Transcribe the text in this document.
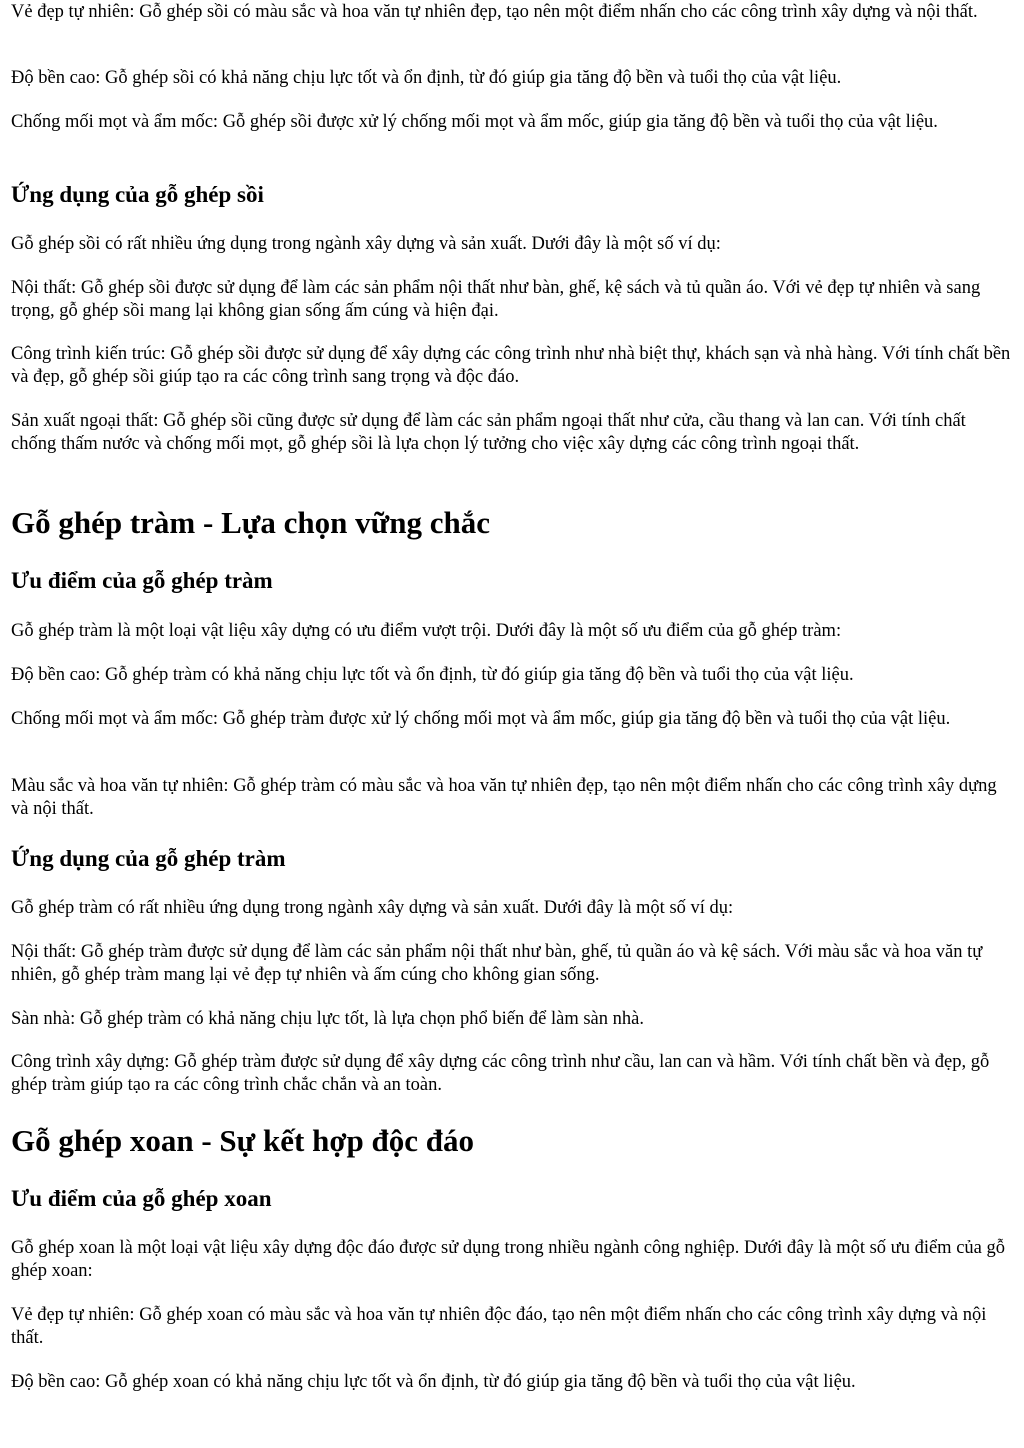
Vẻ đẹp tự nhiên: Gỗ ghép sồi có màu sắc và hoa văn tự nhiên đẹp, tạo nên một điểm nhấn cho các công trình xây dựng và nội thất.

Độ bền cao: Gỗ ghép sồi có khả năng chịu lực tốt và ổn định, từ đó giúp gia tăng độ bền và tuổi thọ của vật liệu.

Chống mối mọt và ẩm mốc: Gỗ ghép sồi được xử lý chống mối mọt và ẩm mốc, giúp gia tăng độ bền và tuổi thọ của vật liệu.

Ứng dụng của gỗ ghép sồi

Gỗ ghép sồi có rất nhiều ứng dụng trong ngành xây dựng và sản xuất. Dưới đây là một số ví dụ:

Nội thất: Gỗ ghép sồi được sử dụng để làm các sản phẩm nội thất như bàn, ghế, kệ sách và tủ quần áo. Với vẻ đẹp tự nhiên và sang trọng, gỗ ghép sồi mang lại không gian sống ấm cúng và hiện đại.

Công trình kiến trúc: Gỗ ghép sồi được sử dụng để xây dựng các công trình như nhà biệt thự, khách sạn và nhà hàng. Với tính chất bền và đẹp, gỗ ghép sồi giúp tạo ra các công trình sang trọng và độc đáo.

Sản xuất ngoại thất: Gỗ ghép sồi cũng được sử dụng để làm các sản phẩm ngoại thất như cửa, cầu thang và lan can. Với tính chất chống thấm nước và chống mối mọt, gỗ ghép sồi là lựa chọn lý tưởng cho việc xây dựng các công trình ngoại thất.

Gỗ ghép tràm - Lựa chọn vững chắc
Ưu điểm của gỗ ghép tràm

Gỗ ghép tràm là một loại vật liệu xây dựng có ưu điểm vượt trội. Dưới đây là một số ưu điểm của gỗ ghép tràm:

Độ bền cao: Gỗ ghép tràm có khả năng chịu lực tốt và ổn định, từ đó giúp gia tăng độ bền và tuổi thọ của vật liệu.

Chống mối mọt và ẩm mốc: Gỗ ghép tràm được xử lý chống mối mọt và ẩm mốc, giúp gia tăng độ bền và tuổi thọ của vật liệu.

Màu sắc và hoa văn tự nhiên: Gỗ ghép tràm có màu sắc và hoa văn tự nhiên đẹp, tạo nên một điểm nhấn cho các công trình xây dựng và nội thất.

Ứng dụng của gỗ ghép tràm

Gỗ ghép tràm có rất nhiều ứng dụng trong ngành xây dựng và sản xuất. Dưới đây là một số ví dụ:

Nội thất: Gỗ ghép tràm được sử dụng để làm các sản phẩm nội thất như bàn, ghế, tủ quần áo và kệ sách. Với màu sắc và hoa văn tự nhiên, gỗ ghép tràm mang lại vẻ đẹp tự nhiên và ấm cúng cho không gian sống.

Sàn nhà: Gỗ ghép tràm có khả năng chịu lực tốt, là lựa chọn phổ biến để làm sàn nhà.

Công trình xây dựng: Gỗ ghép tràm được sử dụng để xây dựng các công trình như cầu, lan can và hầm. Với tính chất bền và đẹp, gỗ ghép tràm giúp tạo ra các công trình chắc chắn và an toàn.

Gỗ ghép xoan - Sự kết hợp độc đáo
Ưu điểm của gỗ ghép xoan

Gỗ ghép xoan là một loại vật liệu xây dựng độc đáo được sử dụng trong nhiều ngành công nghiệp. Dưới đây là một số ưu điểm của gỗ ghép xoan:

Vẻ đẹp tự nhiên: Gỗ ghép xoan có màu sắc và hoa văn tự nhiên độc đáo, tạo nên một điểm nhấn cho các công trình xây dựng và nội thất.

Độ bền cao: Gỗ ghép xoan có khả năng chịu lực tốt và ổn định, từ đó giúp gia tăng độ bền và tuổi thọ của vật liệu.
